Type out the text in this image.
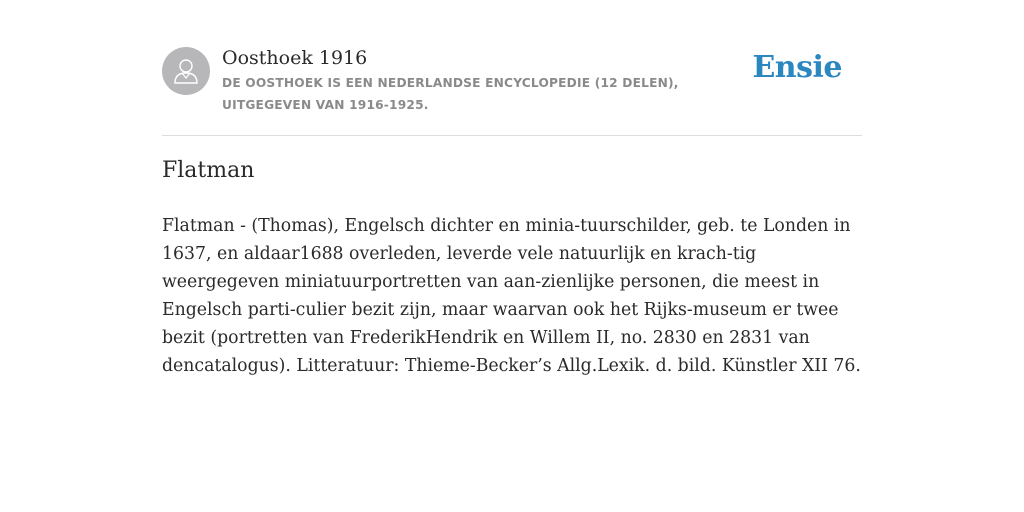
Oosthoek 1916
DE OOSTHOEK IS EEN NEDERLANDSE ENCYCLOPEDIE (12 DELEN), UITGEGEVEN VAN 1916-1925.
Ensie
Flatman

Flatman - (Thomas), Engelsch dichter en minia-tuurschilder, geb. te Londen in 1637, en aldaar1688 overleden, leverde vele natuurlijk en krach-tig weergegeven miniatuurportretten van aan-zienlijke personen, die meest in Engelsch parti-culier bezit zijn, maar waarvan ook het Rijks-museum er twee bezit (portretten van FrederikHendrik en Willem II, no. 2830 en 2831 van dencatalogus). Litteratuur: Thieme-Becker’s Allg.Lexik. d. bild. Künstler XII 76.
